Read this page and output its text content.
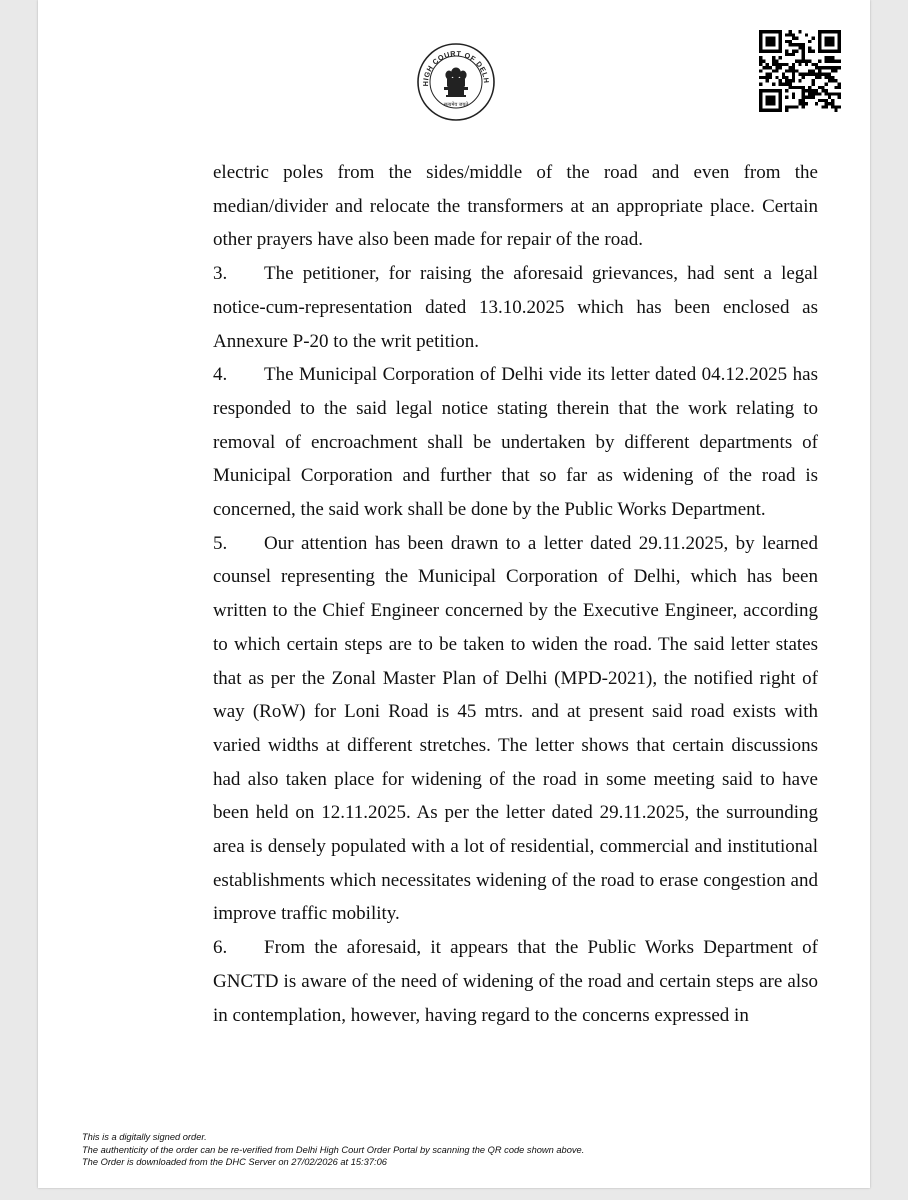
HIGH COURT OF DELH
सत्यमेव जयते

electric poles from the sides/middle of the road and even from the median/divider and relocate the transformers at an appropriate place. Certain other prayers have also been made for repair of the road.

3. The petitioner, for raising the aforesaid grievances, had sent a legal notice-cum-representation dated 13.10.2025 which has been enclosed as Annexure P-20 to the writ petition.

4. The Municipal Corporation of Delhi vide its letter dated 04.12.2025 has responded to the said legal notice stating therein that the work relating to removal of encroachment shall be undertaken by different departments of Municipal Corporation and further that so far as widening of the road is concerned, the said work shall be done by the Public Works Department.

5. Our attention has been drawn to a letter dated 29.11.2025, by learned counsel representing the Municipal Corporation of Delhi, which has been written to the Chief Engineer concerned by the Executive Engineer, according to which certain steps are to be taken to widen the road. The said letter states that as per the Zonal Master Plan of Delhi (MPD-2021), the notified right of way (RoW) for Loni Road is 45 mtrs. and at present said road exists with varied widths at different stretches. The letter shows that certain discussions had also taken place for widening of the road in some meeting said to have been held on 12.11.2025. As per the letter dated 29.11.2025, the surrounding area is densely populated with a lot of residential, commercial and institutional establishments which necessitates widening of the road to erase congestion and improve traffic mobility.

6. From the aforesaid, it appears that the Public Works Department of GNCTD is aware of the need of widening of the road and certain steps are also in contemplation, however, having regard to the concerns expressed in

This is a digitally signed order.
The authenticity of the order can be re-verified from Delhi High Court Order Portal by scanning the QR code shown above.
The Order is downloaded from the DHC Server on 27/02/2026 at 15:37:06
